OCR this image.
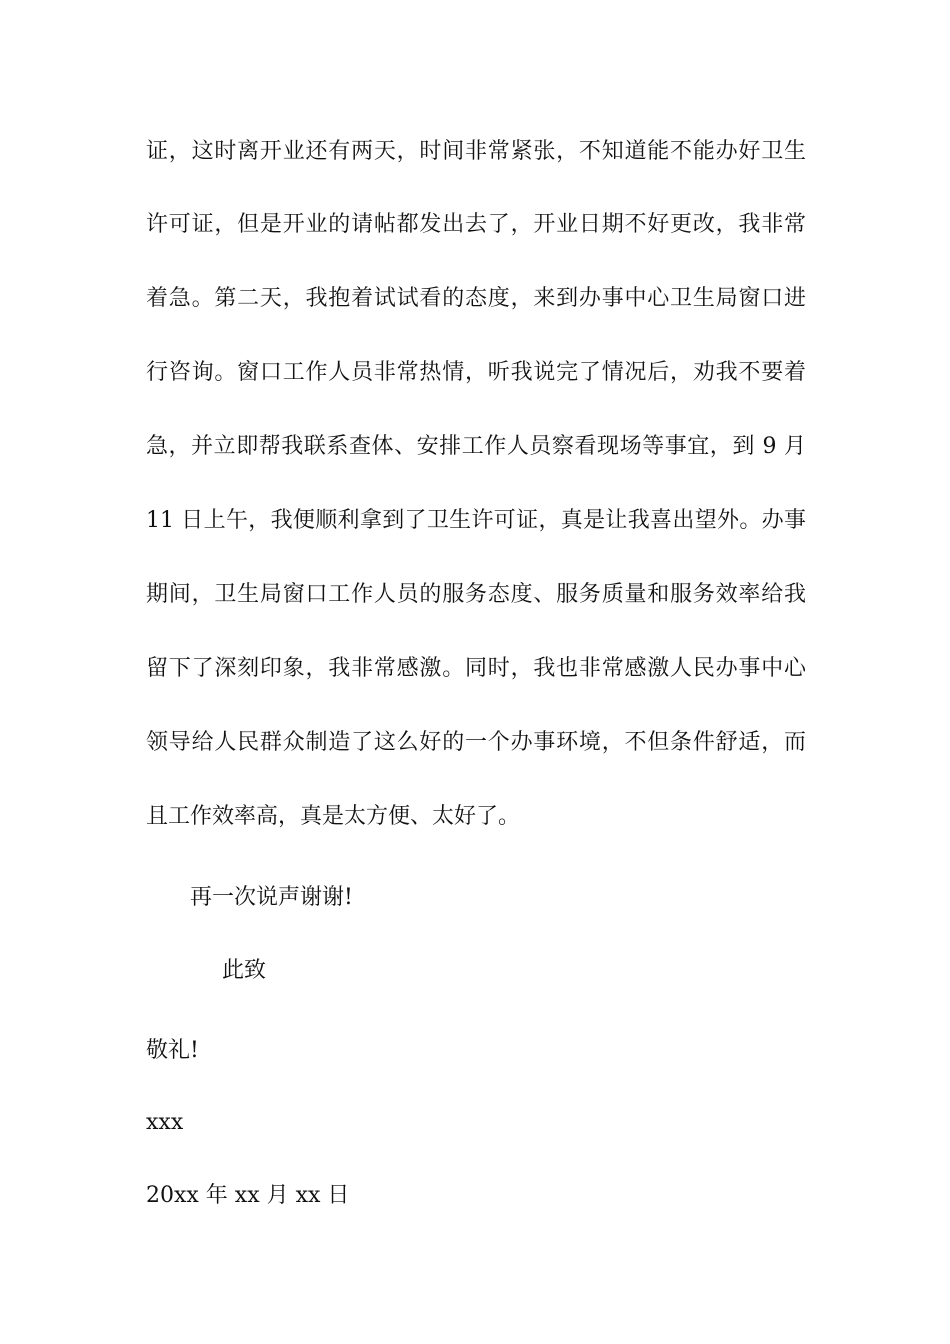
证，这时离开业还有两天，时间非常紧张，不知道能不能办好卫生
许可证，但是开业的请帖都发出去了，开业日期不好更改，我非常
着急。第二天，我抱着试试看的态度，来到办事中心卫生局窗口进
行咨询。窗口工作人员非常热情，听我说完了情况后，劝我不要着
急，并立即帮我联系查体、安排工作人员察看现场等事宜，到 9 月
11 日上午，我便顺利拿到了卫生许可证，真是让我喜出望外。办事
期间，卫生局窗口工作人员的服务态度、服务质量和服务效率给我
留下了深刻印象，我非常感激。同时，我也非常感激人民办事中心
领导给人民群众制造了这么好的一个办事环境，不但条件舒适，而
且工作效率高，真是太方便、太好了。
再一次说声谢谢!
此致
敬礼!
xxx
20xx 年 xx 月 xx 日
